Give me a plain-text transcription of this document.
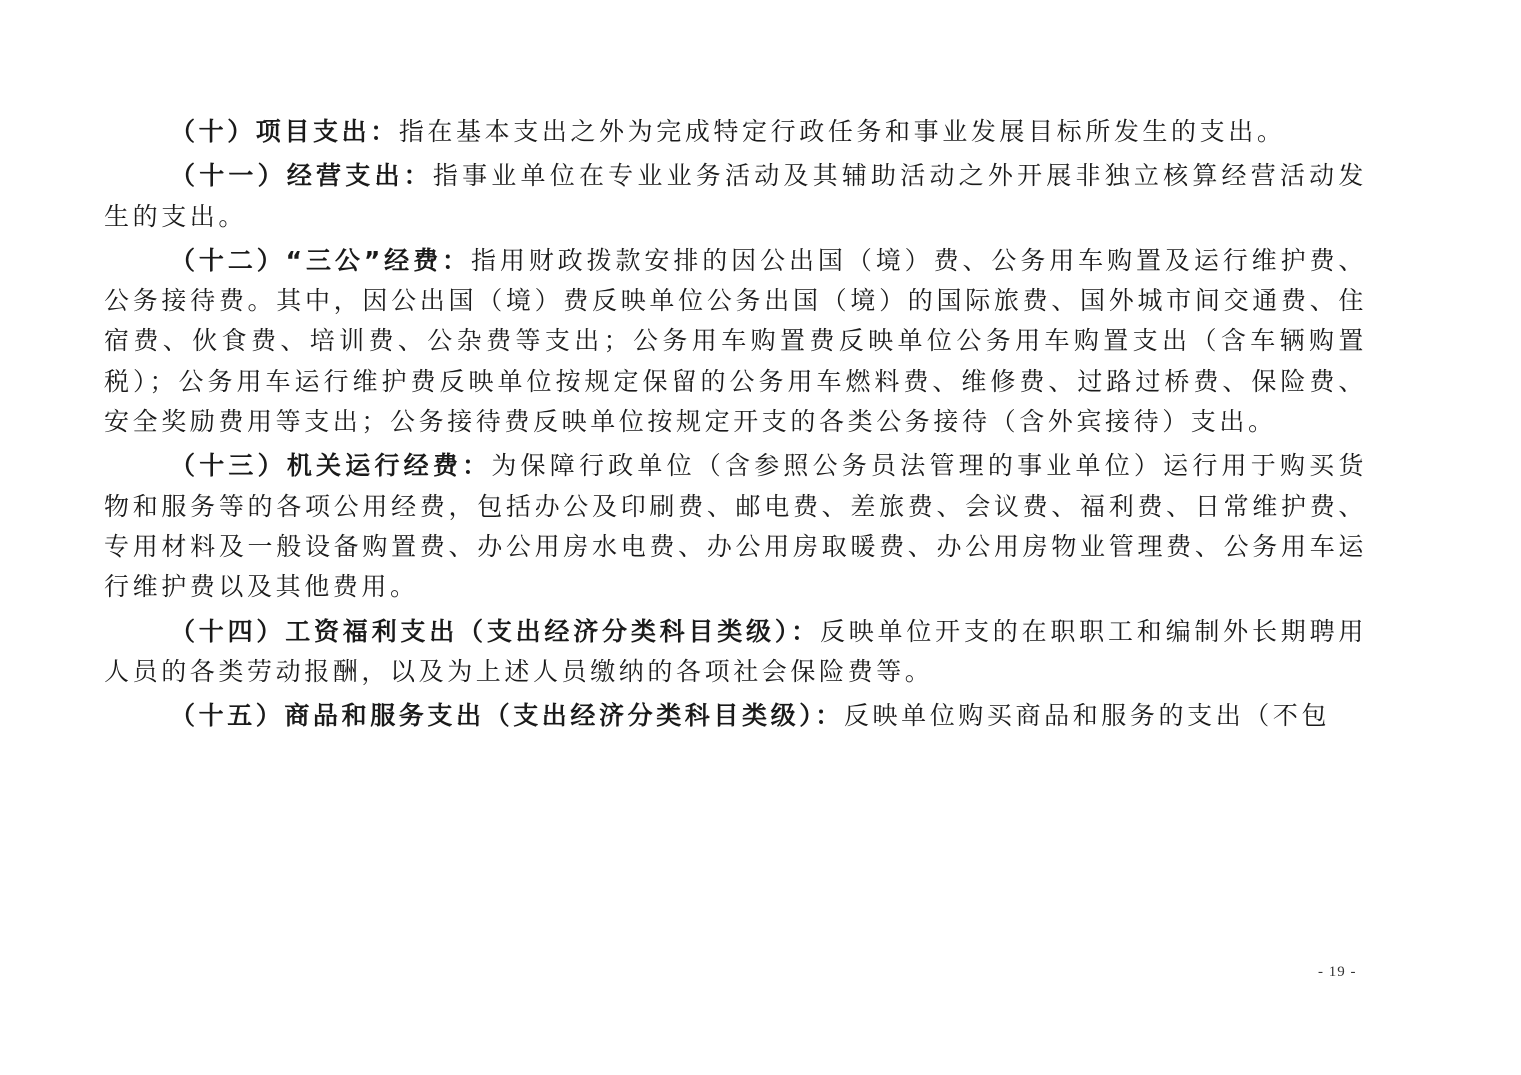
（十）项目支出：指在基本支出之外为完成特定行政任务和事业发展目标所发生的支出。

（十一）经营支出：指事业单位在专业业务活动及其辅助活动之外开展非独立核算经营活动发生的支出。

（十二）“三公”经费：指用财政拨款安排的因公出国（境）费、公务用车购置及运行维护费、公务接待费。其中，因公出国（境）费反映单位公务出国（境）的国际旅费、国外城市间交通费、住宿费、伙食费、培训费、公杂费等支出；公务用车购置费反映单位公务用车购置支出（含车辆购置税）；公务用车运行维护费反映单位按规定保留的公务用车燃料费、维修费、过路过桥费、保险费、安全奖励费用等支出；公务接待费反映单位按规定开支的各类公务接待（含外宾接待）支出。

（十三）机关运行经费：为保障行政单位（含参照公务员法管理的事业单位）运行用于购买货物和服务等的各项公用经费，包括办公及印刷费、邮电费、差旅费、会议费、福利费、日常维护费、专用材料及一般设备购置费、办公用房水电费、办公用房取暖费、办公用房物业管理费、公务用车运行维护费以及其他费用。

（十四）工资福利支出（支出经济分类科目类级）：反映单位开支的在职职工和编制外长期聘用人员的各类劳动报酬，以及为上述人员缴纳的各项社会保险费等。

（十五）商品和服务支出（支出经济分类科目类级）：反映单位购买商品和服务的支出（不包

- 19 -
